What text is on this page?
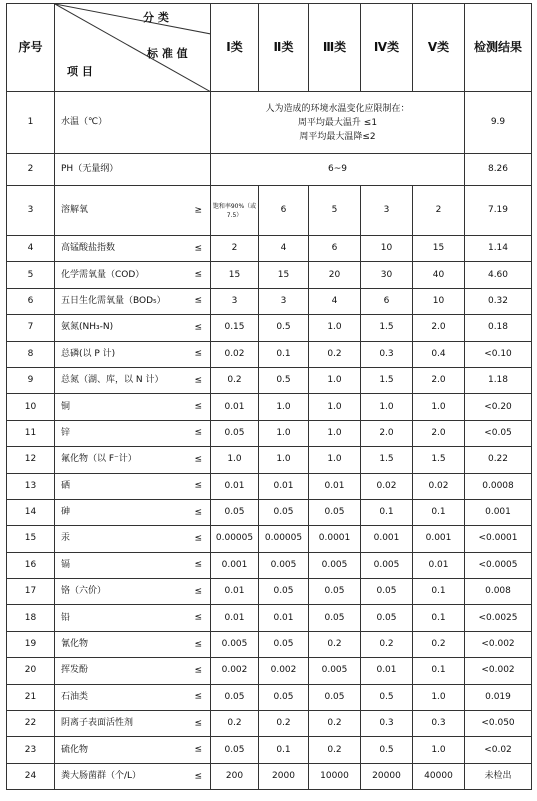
序号	分 类
标 准 值
项 目	Ⅰ类	Ⅱ类	Ⅲ类	Ⅳ类	Ⅴ类	检测结果
1	水温（℃）	人为造成的环境水温变化应限制在：
周平均最大温升 ≤1
周平均最大温降≤2					9.9
2	PH（无量纲）	6~9					8.26
3	溶解氧 ≥	饱和率90%（或7.5）	6	5	3	2	7.19
4	高锰酸盐指数 ≤	2	4	6	10	15	1.14
5	化学需氧量（COD） ≤	15	15	20	30	40	4.60
6	五日生化需氧量（BOD₅） ≤	3	3	4	6	10	0.32
7	氨氮(NH₃-N) ≤	0.15	0.5	1.0	1.5	2.0	0.18
8	总磷(以 P 计) ≤	0.02	0.1	0.2	0.3	0.4	<0.10
9	总氮（湖、库，以 N 计） ≤	0.2	0.5	1.0	1.5	2.0	1.18
10	铜 ≤	0.01	1.0	1.0	1.0	1.0	<0.20
11	锌 ≤	0.05	1.0	1.0	2.0	2.0	<0.05
12	氟化物（以 F⁻计） ≤	1.0	1.0	1.0	1.5	1.5	0.22
13	硒 ≤	0.01	0.01	0.01	0.02	0.02	0.0008
14	砷 ≤	0.05	0.05	0.05	0.1	0.1	0.001
15	汞 ≤	0.00005	0.00005	0.0001	0.001	0.001	<0.0001
16	镉 ≤	0.001	0.005	0.005	0.005	0.01	<0.0005
17	铬（六价） ≤	0.01	0.05	0.05	0.05	0.1	0.008
18	铅 ≤	0.01	0.01	0.05	0.05	0.1	<0.0025
19	氰化物 ≤	0.005	0.05	0.2	0.2	0.2	<0.002
20	挥发酚 ≤	0.002	0.002	0.005	0.01	0.1	<0.002
21	石油类 ≤	0.05	0.05	0.05	0.5	1.0	0.019
22	阴离子表面活性剂 ≤	0.2	0.2	0.2	0.3	0.3	<0.050
23	硫化物 ≤	0.05	0.1	0.2	0.5	1.0	<0.02
24	粪大肠菌群（个/L） ≤	200	2000	10000	20000	40000	未检出
